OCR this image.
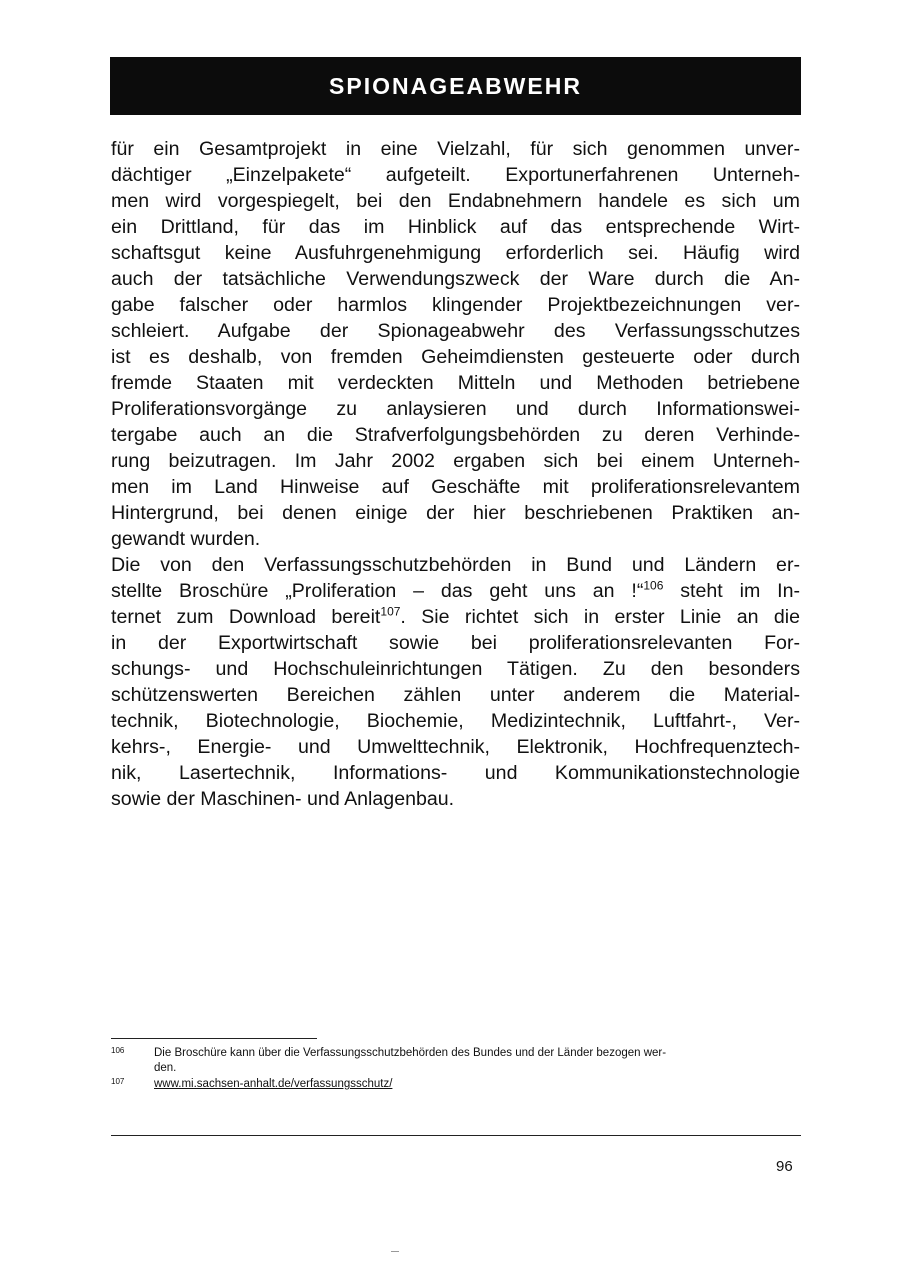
SPIONAGEABWEHR
für ein Gesamtprojekt in eine Vielzahl, für sich genommen unver-
dächtiger „Einzelpakete“ aufgeteilt. Exportunerfahrenen Unterneh-
men wird vorgespiegelt, bei den Endabnehmern handele es sich um
ein Drittland, für das im Hinblick auf das entsprechende Wirt-
schaftsgut keine Ausfuhrgenehmigung erforderlich sei. Häufig wird
auch der tatsächliche Verwendungszweck der Ware durch die An-
gabe falscher oder harmlos klingender Projektbezeichnungen ver-
schleiert. Aufgabe der Spionageabwehr des Verfassungsschutzes
ist es deshalb, von fremden Geheimdiensten gesteuerte oder durch
fremde Staaten mit verdeckten Mitteln und Methoden betriebene
Proliferationsvorgänge zu anlaysieren und durch Informationswei-
tergabe auch an die Strafverfolgungsbehörden zu deren Verhinde-
rung beizutragen. Im Jahr 2002 ergaben sich bei einem Unterneh-
men im Land Hinweise auf Geschäfte mit proliferationsrelevantem
Hintergrund, bei denen einige der hier beschriebenen Praktiken an-
gewandt wurden.
Die von den Verfassungsschutzbehörden in Bund und Ländern er-
stellte Broschüre „Proliferation – das geht uns an !“$^{106}$ steht im In-
ternet zum Download bereit$^{107}$. Sie richtet sich in erster Linie an die
in der Exportwirtschaft sowie bei proliferationsrelevanten For-
schungs- und Hochschuleinrichtungen Tätigen. Zu den besonders
schützenswerten Bereichen zählen unter anderem die Material-
technik, Biotechnologie, Biochemie, Medizintechnik, Luftfahrt-, Ver-
kehrs-, Energie- und Umwelttechnik, Elektronik, Hochfrequenztech-
nik, Lasertechnik, Informations- und Kommunikationstechnologie
sowie der Maschinen- und Anlagenbau.
106	Die Broschüre kann über die Verfassungsschutzbehörden des Bundes und der Länder bezogen wer-
den.
107	www.mi.sachsen-anhalt.de/verfassungsschutz/
96
